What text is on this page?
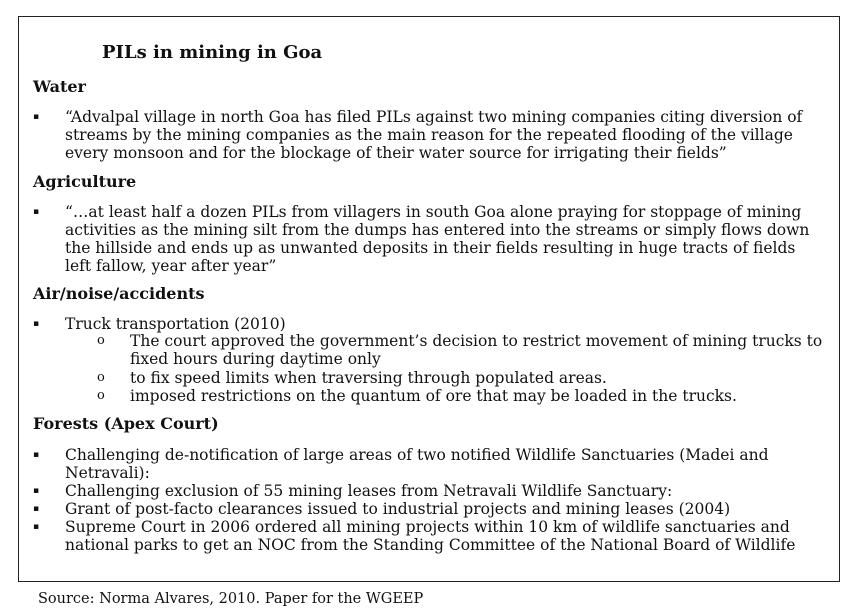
PILs in mining in Goa
Water
▪ “Advalpal village in north Goa has filed PILs against two mining companies citing diversion of streams by the mining companies as the main reason for the repeated flooding of the village every monsoon and for the blockage of their water source for irrigating their fields”
Agriculture
▪ “…at least half a dozen PILs from villagers in south Goa alone praying for stoppage of mining activities as the mining silt from the dumps has entered into the streams or simply flows down the hillside and ends up as unwanted deposits in their fields resulting in huge tracts of fields left fallow, year after year”
Air/noise/accidents
▪ Truck transportation (2010)
o The court approved the government’s decision to restrict movement of mining trucks to fixed hours during daytime only
o to fix speed limits when traversing through populated areas.
o imposed restrictions on the quantum of ore that may be loaded in the trucks.
Forests (Apex Court)
▪ Challenging de-notification of large areas of two notified Wildlife Sanctuaries (Madei and Netravali):
▪ Challenging exclusion of 55 mining leases from Netravali Wildlife Sanctuary:
▪ Grant of post-facto clearances issued to industrial projects and mining leases (2004)
▪ Supreme Court in 2006 ordered all mining projects within 10 km of wildlife sanctuaries and national parks to get an NOC from the Standing Committee of the National Board of Wildlife
Source: Norma Alvares, 2010. Paper for the WGEEP
